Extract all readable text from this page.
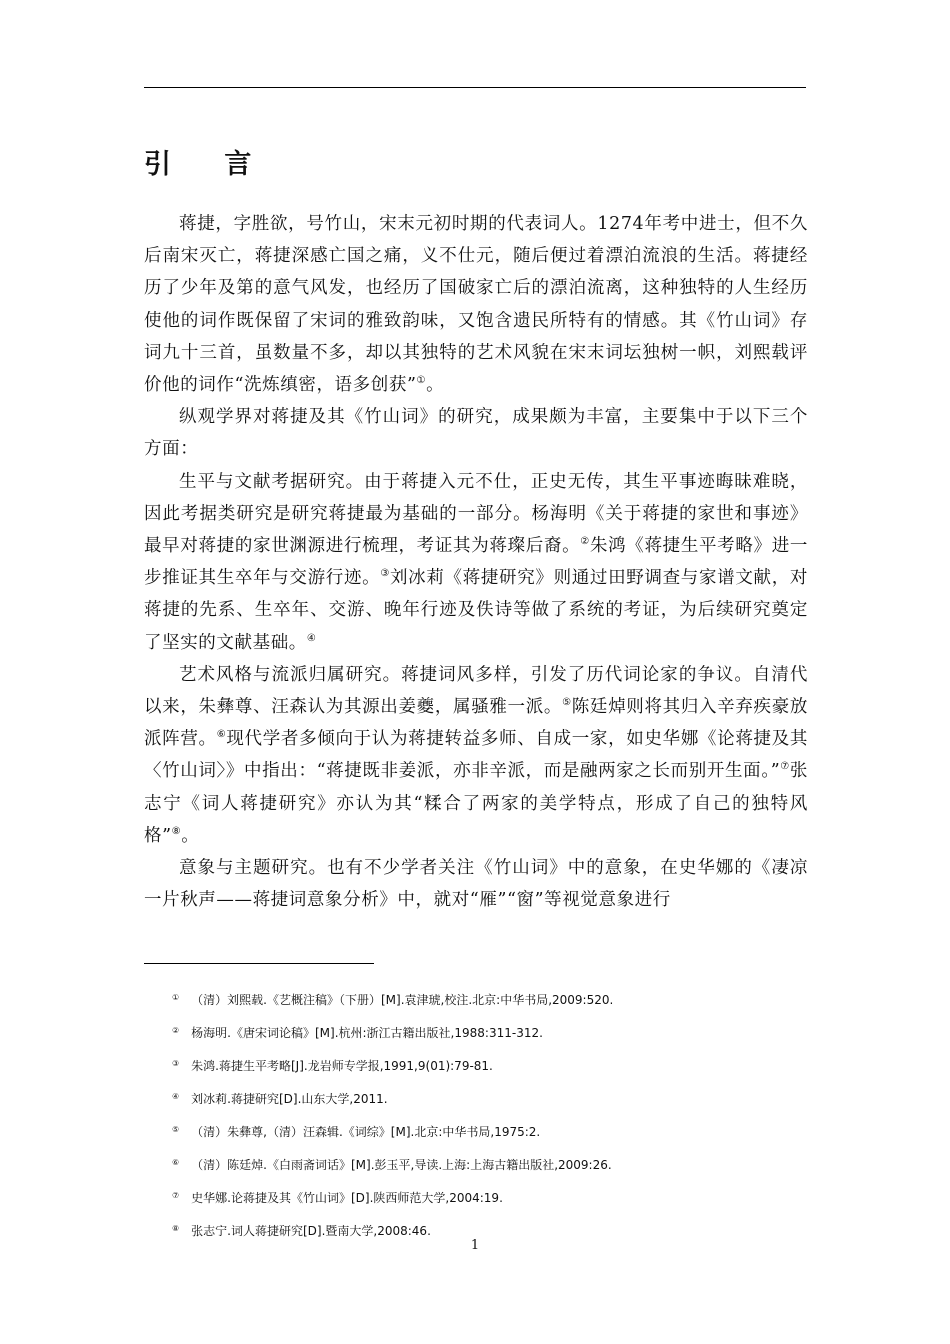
引 言

蒋捷，字胜欲，号竹山，宋末元初时期的代表词人。1274年考中进士，但不久后南宋灭亡，蒋捷深感亡国之痛，义不仕元，随后便过着漂泊流浪的生活。蒋捷经历了少年及第的意气风发，也经历了国破家亡后的漂泊流离，这种独特的人生经历使他的词作既保留了宋词的雅致韵味，又饱含遗民所特有的情感。其《竹山词》存词九十三首，虽数量不多，却以其独特的艺术风貌在宋末词坛独树一帜，刘熙载评价他的词作“洗炼缜密，语多创获”①。

纵观学界对蒋捷及其《竹山词》的研究，成果颇为丰富，主要集中于以下三个方面：

生平与文献考据研究。由于蒋捷入元不仕，正史无传，其生平事迹晦昧难晓，因此考据类研究是研究蒋捷最为基础的一部分。杨海明《关于蒋捷的家世和事迹》最早对蒋捷的家世渊源进行梳理，考证其为蒋璨后裔。②朱鸿《蒋捷生平考略》进一步推证其生卒年与交游行迹。③刘冰莉《蒋捷研究》则通过田野调查与家谱文献，对蒋捷的先系、生卒年、交游、晚年行迹及佚诗等做了系统的考证，为后续研究奠定了坚实的文献基础。④

艺术风格与流派归属研究。蒋捷词风多样，引发了历代词论家的争议。自清代以来，朱彝尊、汪森认为其源出姜夔，属骚雅一派。⑤陈廷焯则将其归入辛弃疾豪放派阵营。⑥现代学者多倾向于认为蒋捷转益多师、自成一家，如史华娜《论蒋捷及其〈竹山词〉》中指出：“蒋捷既非姜派，亦非辛派，而是融两家之长而别开生面。”⑦张志宁《词人蒋捷研究》亦认为其“糅合了两家的美学特点，形成了自己的独特风格”⑧。

意象与主题研究。也有不少学者关注《竹山词》中的意象，在史华娜的《凄凉一片秋声——蒋捷词意象分析》中，就对“雁”“窗”等视觉意象进行

① （清）刘熙载.《艺概注稿》（下册）[M].袁津琥,校注.北京:中华书局,2009:520.
② 杨海明.《唐宋词论稿》[M].杭州:浙江古籍出版社,1988:311-312.
③ 朱鸿.蒋捷生平考略[J].龙岩师专学报,1991,9(01):79-81.
④ 刘冰莉.蒋捷研究[D].山东大学,2011.
⑤ （清）朱彝尊,（清）汪森辑.《词综》[M].北京:中华书局,1975:2.
⑥ （清）陈廷焯.《白雨斋词话》[M].彭玉平,导读.上海:上海古籍出版社,2009:26.
⑦ 史华娜.论蒋捷及其《竹山词》[D].陕西师范大学,2004:19.
⑧ 张志宁.词人蒋捷研究[D].暨南大学,2008:46.
1
